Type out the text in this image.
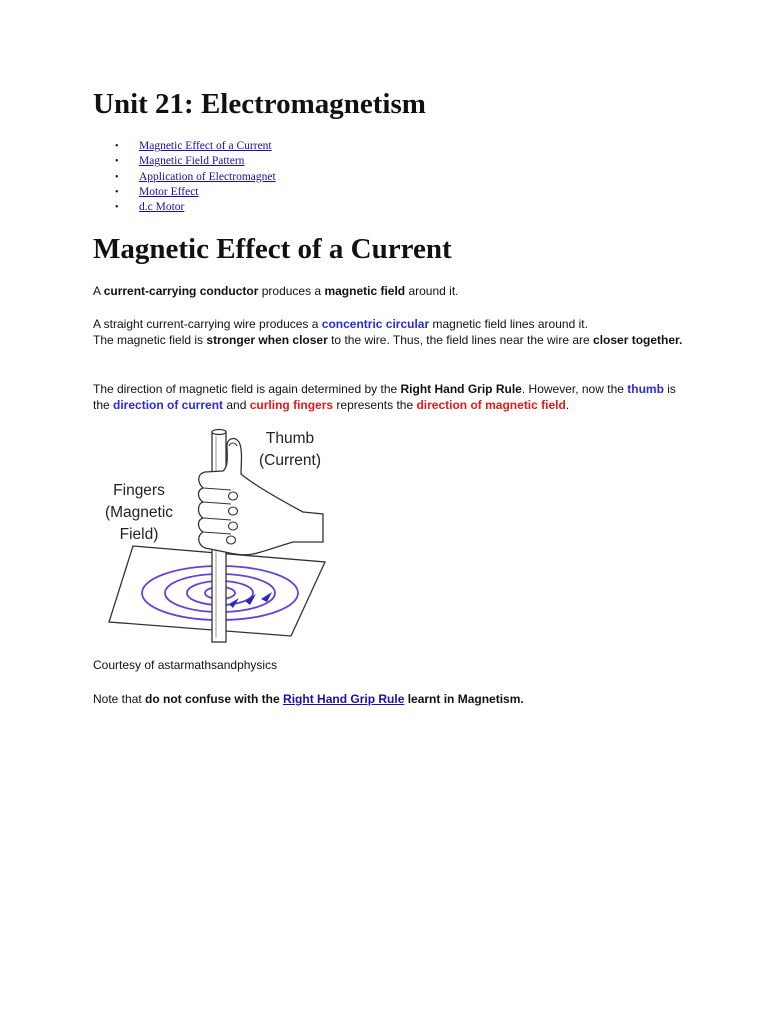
Unit 21: Electromagnetism
• Magnetic Effect of a Current
• Magnetic Field Pattern
• Application of Electromagnet
• Motor Effect
• d.c Motor
Magnetic Effect of a Current

A current-carrying conductor produces a magnetic field around it.

A straight current-carrying wire produces a concentric circular magnetic field lines around it.
The magnetic field is stronger when closer to the wire. Thus, the field lines near the wire are closer together.

The direction of magnetic field is again determined by the Right Hand Grip Rule. However, now the thumb is the direction of current and curling fingers represents the direction of magnetic field.

Thumb
(Current)
Fingers
(Magnetic
Field)

Courtesy of astarmathsandphysics

Note that do not confuse with the Right Hand Grip Rule learnt in Magnetism.
